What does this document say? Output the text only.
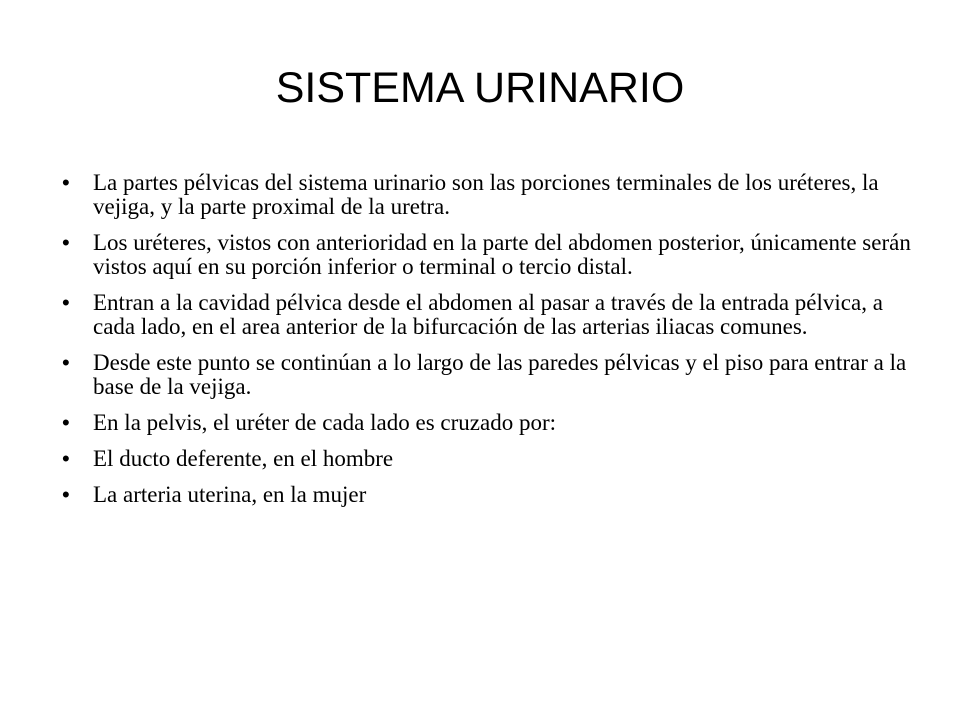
SISTEMA URINARIO
• La partes pélvicas del sistema urinario son las porciones terminales de los uréteres, la vejiga, y la parte proximal de la uretra.
• Los uréteres, vistos con anterioridad en la parte del abdomen posterior, únicamente serán vistos aquí en su porción inferior o terminal o tercio distal.
• Entran a la cavidad pélvica desde el abdomen al pasar a través de la entrada pélvica, a cada lado, en el area anterior de la bifurcación de las arterias iliacas comunes.
• Desde este punto se continúan a lo largo de las paredes pélvicas y el piso para entrar a la base de la vejiga.
• En la pelvis, el uréter de cada lado es cruzado por:
• El ducto deferente, en el hombre
• La arteria uterina, en la mujer
